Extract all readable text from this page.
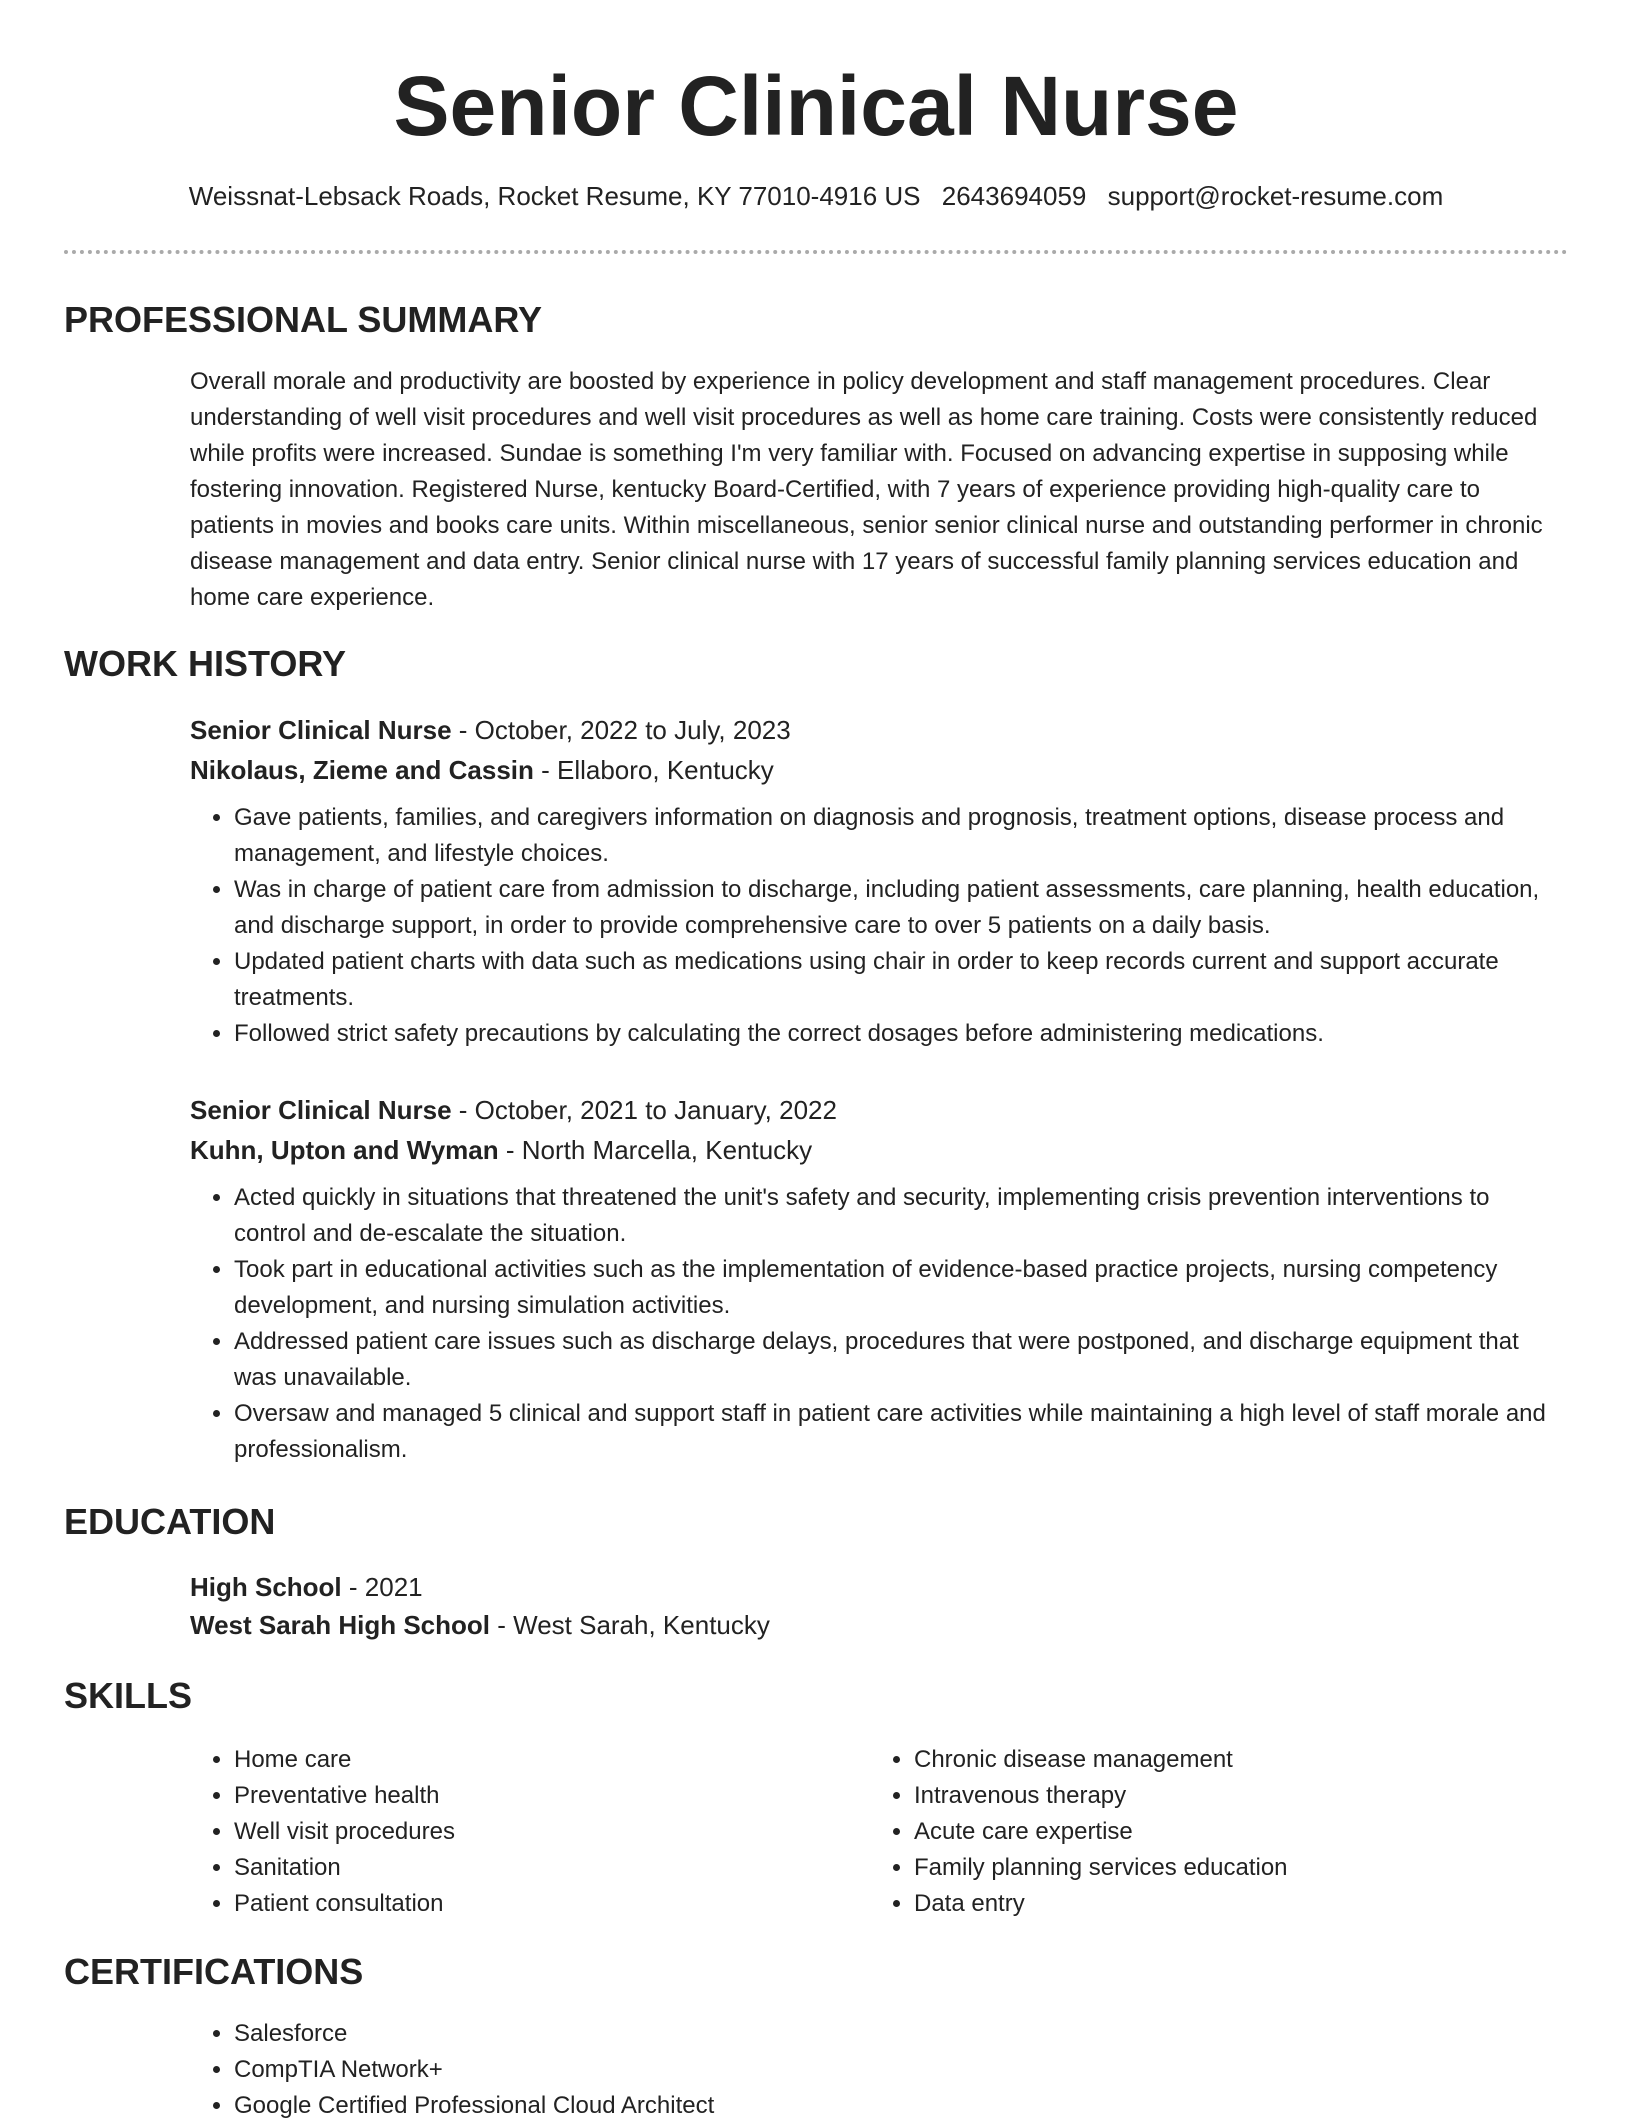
Senior Clinical Nurse
Weissnat-Lebsack Roads, Rocket Resume, KY 77010-4916 US 2643694059 support@rocket-resume.com
PROFESSIONAL SUMMARY
Overall morale and productivity are boosted by experience in policy development and staff management procedures. Clear understanding of well visit procedures and well visit procedures as well as home care training. Costs were consistently reduced while profits were increased. Sundae is something I'm very familiar with. Focused on advancing expertise in supposing while fostering innovation. Registered Nurse, kentucky Board-Certified, with 7 years of experience providing high-quality care to patients in movies and books care units. Within miscellaneous, senior senior clinical nurse and outstanding performer in chronic disease management and data entry. Senior clinical nurse with 17 years of successful family planning services education and home care experience.
WORK HISTORY
Senior Clinical Nurse - October, 2022 to July, 2023
Nikolaus, Zieme and Cassin - Ellaboro, Kentucky
• Gave patients, families, and caregivers information on diagnosis and prognosis, treatment options, disease process and management, and lifestyle choices.
• Was in charge of patient care from admission to discharge, including patient assessments, care planning, health education, and discharge support, in order to provide comprehensive care to over 5 patients on a daily basis.
• Updated patient charts with data such as medications using chair in order to keep records current and support accurate treatments.
• Followed strict safety precautions by calculating the correct dosages before administering medications.
Senior Clinical Nurse - October, 2021 to January, 2022
Kuhn, Upton and Wyman - North Marcella, Kentucky
• Acted quickly in situations that threatened the unit's safety and security, implementing crisis prevention interventions to control and de-escalate the situation.
• Took part in educational activities such as the implementation of evidence-based practice projects, nursing competency development, and nursing simulation activities.
• Addressed patient care issues such as discharge delays, procedures that were postponed, and discharge equipment that was unavailable.
• Oversaw and managed 5 clinical and support staff in patient care activities while maintaining a high level of staff morale and professionalism.
EDUCATION
High School - 2021
West Sarah High School - West Sarah, Kentucky
SKILLS
• Home care
• Preventative health
• Well visit procedures
• Sanitation
• Patient consultation
• Chronic disease management
• Intravenous therapy
• Acute care expertise
• Family planning services education
• Data entry
CERTIFICATIONS
• Salesforce
• CompTIA Network+
• Google Certified Professional Cloud Architect
